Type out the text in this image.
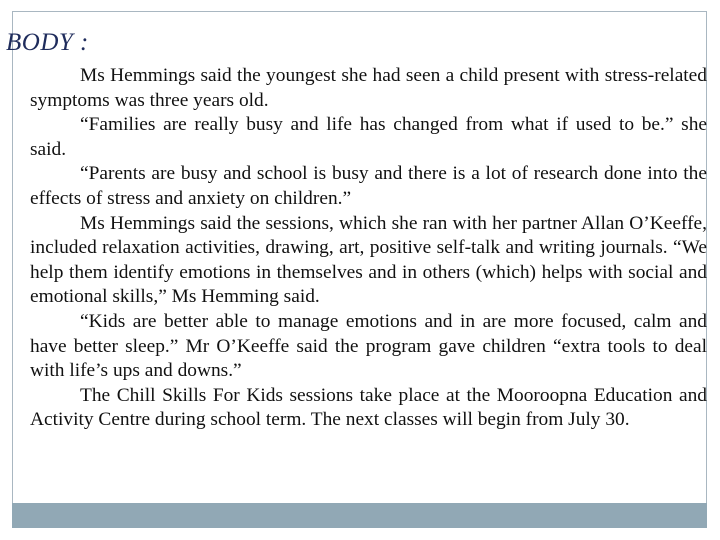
BODY :

Ms Hemmings said the youngest she had seen a child present with stress-related symptoms was three years old.

“Families are really busy and life has changed from what if used to be.” she said.

“Parents are busy and school is busy and there is a lot of research done into the effects of stress and anxiety on children.”

Ms Hemmings said the sessions, which she ran with her partner Allan O’Keeffe, included relaxation activities, drawing, art, positive self-talk and writing journals. “We help them identify emotions in themselves and in others (which) helps with social and emotional skills,” Ms Hemming said.

“Kids are better able to manage emotions and in are more focused, calm and have better sleep.” Mr O’Keeffe said the program gave children “extra tools to deal with life’s ups and downs.”

The Chill Skills For Kids sessions take place at the Mooroopna Education and Activity Centre during school term. The next classes will begin from July 30.
